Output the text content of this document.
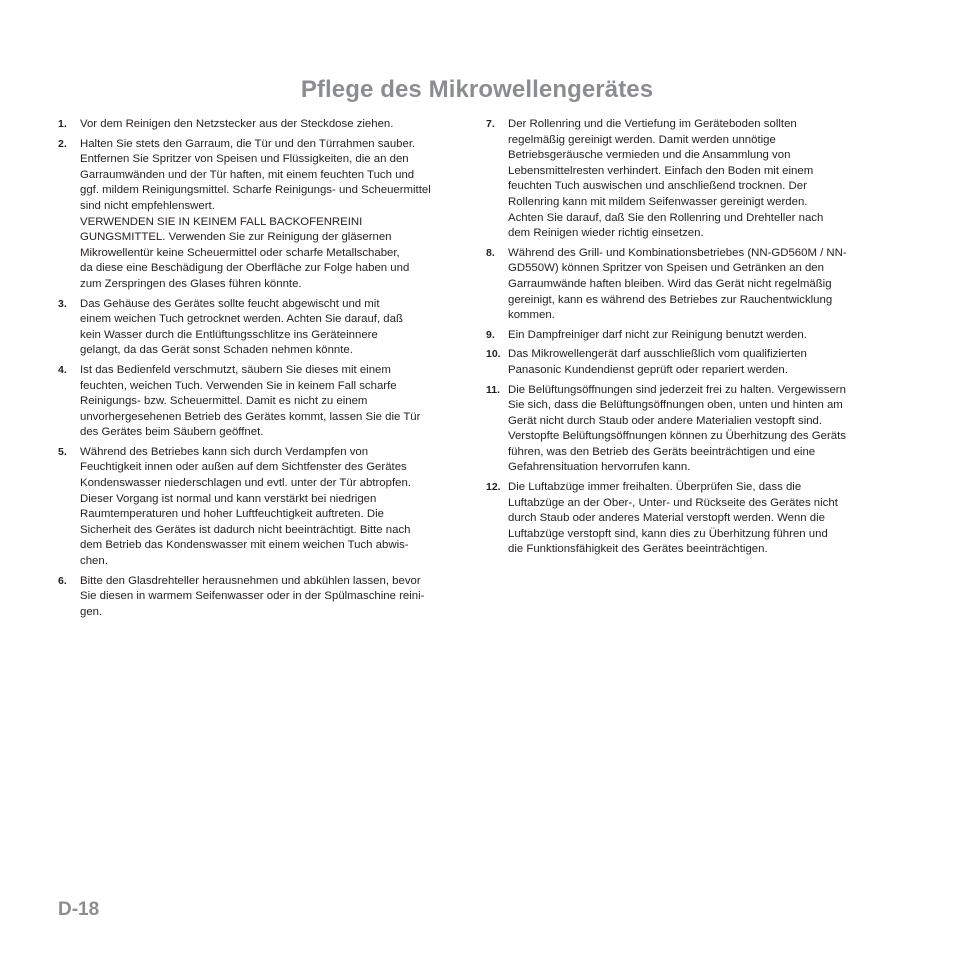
Pflege des Mikrowellengerätes
1.	Vor dem Reinigen den Netzstecker aus der Steckdose ziehen.
2.	Halten Sie stets den Garraum, die Tür und den Türrahmen sauber.
Entfernen Sie Spritzer von Speisen und Flüssigkeiten, die an den
Garraumwänden und der Tür haften, mit einem feuchten Tuch und
ggf. mildem Reinigungsmittel. Scharfe Reinigungs- und Scheuermittel
sind nicht empfehlenswert.
VERWENDEN SIE IN KEINEM FALL BACKOFENREINI
GUNGSMITTEL. Verwenden Sie zur Reinigung der gläsernen
Mikrowellentür keine Scheuermittel oder scharfe Metallschaber,
da diese eine Beschädigung der Oberfläche zur Folge haben und
zum Zerspringen des Glases führen könnte.
3.	Das Gehäuse des Gerätes sollte feucht abgewischt und mit
einem weichen Tuch getrocknet werden. Achten Sie darauf, daß
kein Wasser durch die Entlüftungsschlitze ins Geräteinnere
gelangt, da das Gerät sonst Schaden nehmen könnte.
4.	Ist das Bedienfeld verschmutzt, säubern Sie dieses mit einem
feuchten, weichen Tuch. Verwenden Sie in keinem Fall scharfe
Reinigungs- bzw. Scheuermittel. Damit es nicht zu einem
unvorhergesehenen Betrieb des Gerätes kommt, lassen Sie die Tür
des Gerätes beim Säubern geöffnet.
5.	Während des Betriebes kann sich durch Verdampfen von
Feuchtigkeit innen oder außen auf dem Sichtfenster des Gerätes
Kondenswasser niederschlagen und evtl. unter der Tür abtropfen.
Dieser Vorgang ist normal und kann verstärkt bei niedrigen
Raumtemperaturen und hoher Luftfeuchtigkeit auftreten. Die
Sicherheit des Gerätes ist dadurch nicht beeinträchtigt. Bitte nach
dem Betrieb das Kondenswasser mit einem weichen Tuch abwis-
chen.
6.	Bitte den Glasdrehteller herausnehmen und abkühlen lassen, bevor
Sie diesen in warmem Seifenwasser oder in der Spülmaschine reini-
gen.
7.	Der Rollenring und die Vertiefung im Geräteboden sollten
regelmäßig gereinigt werden. Damit werden unnötige
Betriebsgeräusche vermieden und die Ansammlung von
Lebensmittelresten verhindert. Einfach den Boden mit einem
feuchten Tuch auswischen und anschließend trocknen. Der
Rollenring kann mit mildem Seifenwasser gereinigt werden.
Achten Sie darauf, daß Sie den Rollenring und Drehteller nach
dem Reinigen wieder richtig einsetzen.
8.	Während des Grill- und Kombinationsbetriebes (NN-GD560M / NN-
GD550W) können Spritzer von Speisen und Getränken an den
Garraumwände haften bleiben. Wird das Gerät nicht regelmäßig
gereinigt, kann es während des Betriebes zur Rauchentwicklung
kommen.
9.	Ein Dampfreiniger darf nicht zur Reinigung benutzt werden.
10. Das Mikrowellengerät darf ausschließlich vom qualifizierten
Panasonic Kundendienst geprüft oder repariert werden.
11. Die Belüftungsöffnungen sind jederzeit frei zu halten. Vergewissern
Sie sich, dass die Belüftungsöffnungen oben, unten und hinten am
Gerät nicht durch Staub oder andere Materialien vestopft sind.
Verstopfte Belüftungsöffnungen können zu Überhitzung des Geräts
führen, was den Betrieb des Geräts beeinträchtigen und eine
Gefahrensituation hervorrufen kann.
12. Die Luftabzüge immer freihalten. Überprüfen Sie, dass die
Luftabzüge an der Ober-, Unter- und Rückseite des Gerätes nicht
durch Staub oder anderes Material verstopft werden. Wenn die
Luftabzüge verstopft sind, kann dies zu Überhitzung führen und
die Funktionsfähigkeit des Gerätes beeinträchtigen.
D-18
